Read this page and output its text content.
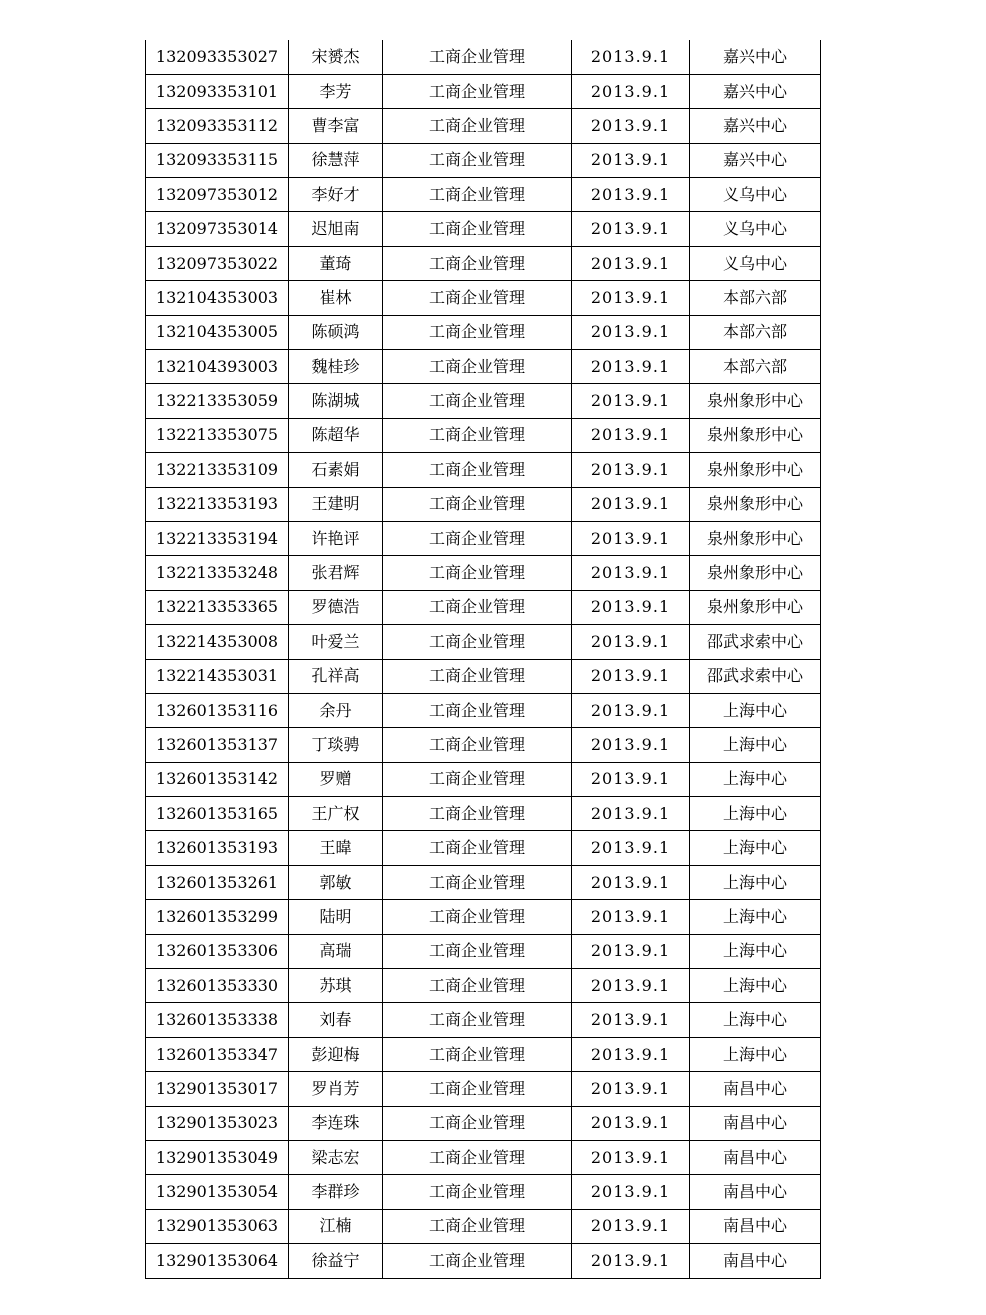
132093353027	宋赟杰	工商企业管理	2013.9.1	嘉兴中心
132093353101	李芳	工商企业管理	2013.9.1	嘉兴中心
132093353112	曹李富	工商企业管理	2013.9.1	嘉兴中心
132093353115	徐慧萍	工商企业管理	2013.9.1	嘉兴中心
132097353012	李好才	工商企业管理	2013.9.1	义乌中心
132097353014	迟旭南	工商企业管理	2013.9.1	义乌中心
132097353022	董琦	工商企业管理	2013.9.1	义乌中心
132104353003	崔林	工商企业管理	2013.9.1	本部六部
132104353005	陈硕鸿	工商企业管理	2013.9.1	本部六部
132104393003	魏桂珍	工商企业管理	2013.9.1	本部六部
132213353059	陈湖城	工商企业管理	2013.9.1	泉州象形中心
132213353075	陈超华	工商企业管理	2013.9.1	泉州象形中心
132213353109	石素娟	工商企业管理	2013.9.1	泉州象形中心
132213353193	王建明	工商企业管理	2013.9.1	泉州象形中心
132213353194	许艳评	工商企业管理	2013.9.1	泉州象形中心
132213353248	张君辉	工商企业管理	2013.9.1	泉州象形中心
132213353365	罗德浩	工商企业管理	2013.9.1	泉州象形中心
132214353008	叶爱兰	工商企业管理	2013.9.1	邵武求索中心
132214353031	孔祥高	工商企业管理	2013.9.1	邵武求索中心
132601353116	余丹	工商企业管理	2013.9.1	上海中心
132601353137	丁琰骋	工商企业管理	2013.9.1	上海中心
132601353142	罗赠	工商企业管理	2013.9.1	上海中心
132601353165	王广权	工商企业管理	2013.9.1	上海中心
132601353193	王暐	工商企业管理	2013.9.1	上海中心
132601353261	郭敏	工商企业管理	2013.9.1	上海中心
132601353299	陆明	工商企业管理	2013.9.1	上海中心
132601353306	高瑞	工商企业管理	2013.9.1	上海中心
132601353330	苏琪	工商企业管理	2013.9.1	上海中心
132601353338	刘春	工商企业管理	2013.9.1	上海中心
132601353347	彭迎梅	工商企业管理	2013.9.1	上海中心
132901353017	罗肖芳	工商企业管理	2013.9.1	南昌中心
132901353023	李连珠	工商企业管理	2013.9.1	南昌中心
132901353049	梁志宏	工商企业管理	2013.9.1	南昌中心
132901353054	李群珍	工商企业管理	2013.9.1	南昌中心
132901353063	江楠	工商企业管理	2013.9.1	南昌中心
132901353064	徐益宁	工商企业管理	2013.9.1	南昌中心
